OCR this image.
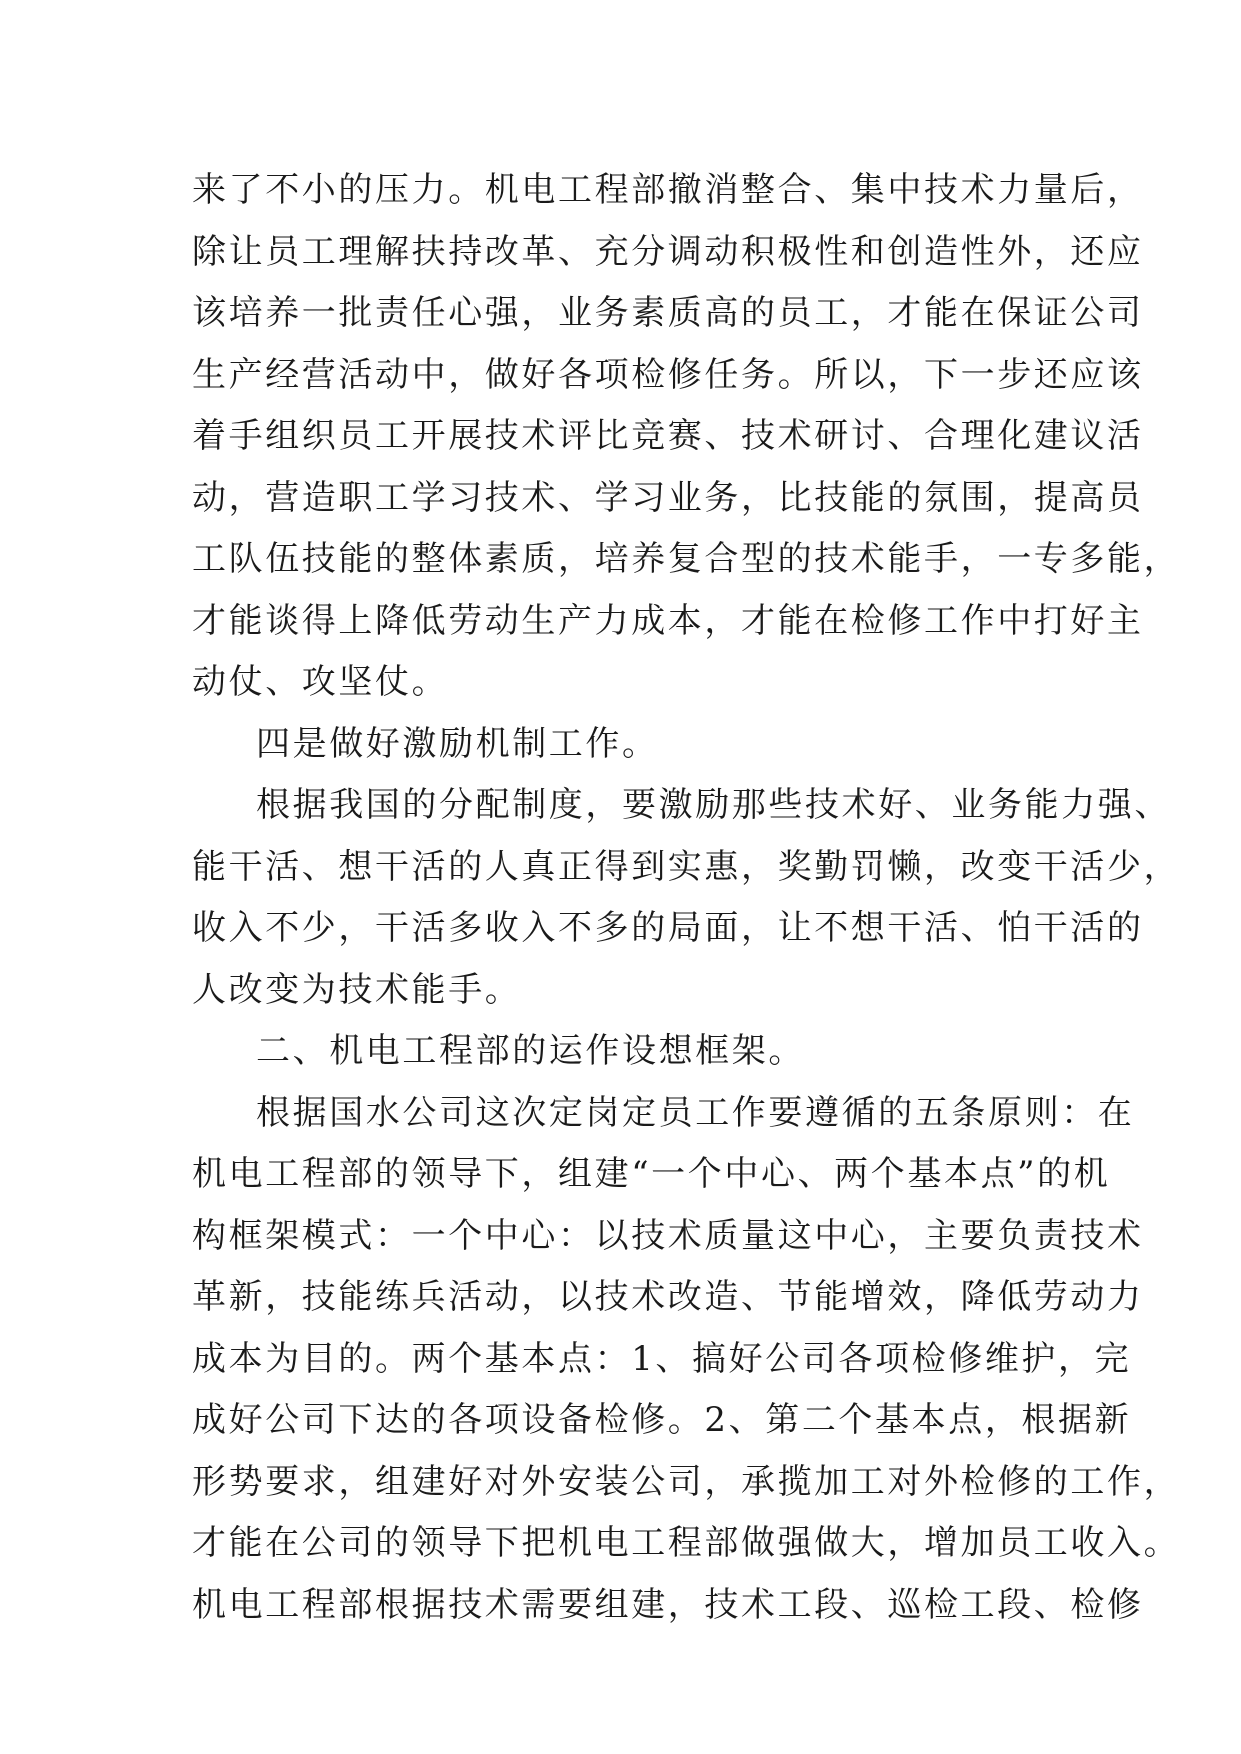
来了不小的压力。机电工程部撤消整合、集中技术力量后，
除让员工理解扶持改革、充分调动积极性和创造性外，还应
该培养一批责任心强，业务素质高的员工，才能在保证公司
生产经营活动中，做好各项检修任务。所以，下一步还应该
着手组织员工开展技术评比竞赛、技术研讨、合理化建议活
动，营造职工学习技术、学习业务，比技能的氛围，提高员
工队伍技能的整体素质，培养复合型的技术能手，一专多能，
才能谈得上降低劳动生产力成本，才能在检修工作中打好主
动仗、攻坚仗。
四是做好激励机制工作。
根据我国的分配制度，要激励那些技术好、业务能力强、
能干活、想干活的人真正得到实惠，奖勤罚懒，改变干活少，
收入不少，干活多收入不多的局面，让不想干活、怕干活的
人改变为技术能手。
二、机电工程部的运作设想框架。
根据国水公司这次定岗定员工作要遵循的五条原则：在
机电工程部的领导下，组建“一个中心、两个基本点”的机
构框架模式：一个中心：以技术质量这中心，主要负责技术
革新，技能练兵活动，以技术改造、节能增效，降低劳动力
成本为目的。两个基本点：1、搞好公司各项检修维护，完
成好公司下达的各项设备检修。2、第二个基本点，根据新
形势要求，组建好对外安装公司，承揽加工对外检修的工作，
才能在公司的领导下把机电工程部做强做大，增加员工收入。
机电工程部根据技术需要组建，技术工段、巡检工段、检修
